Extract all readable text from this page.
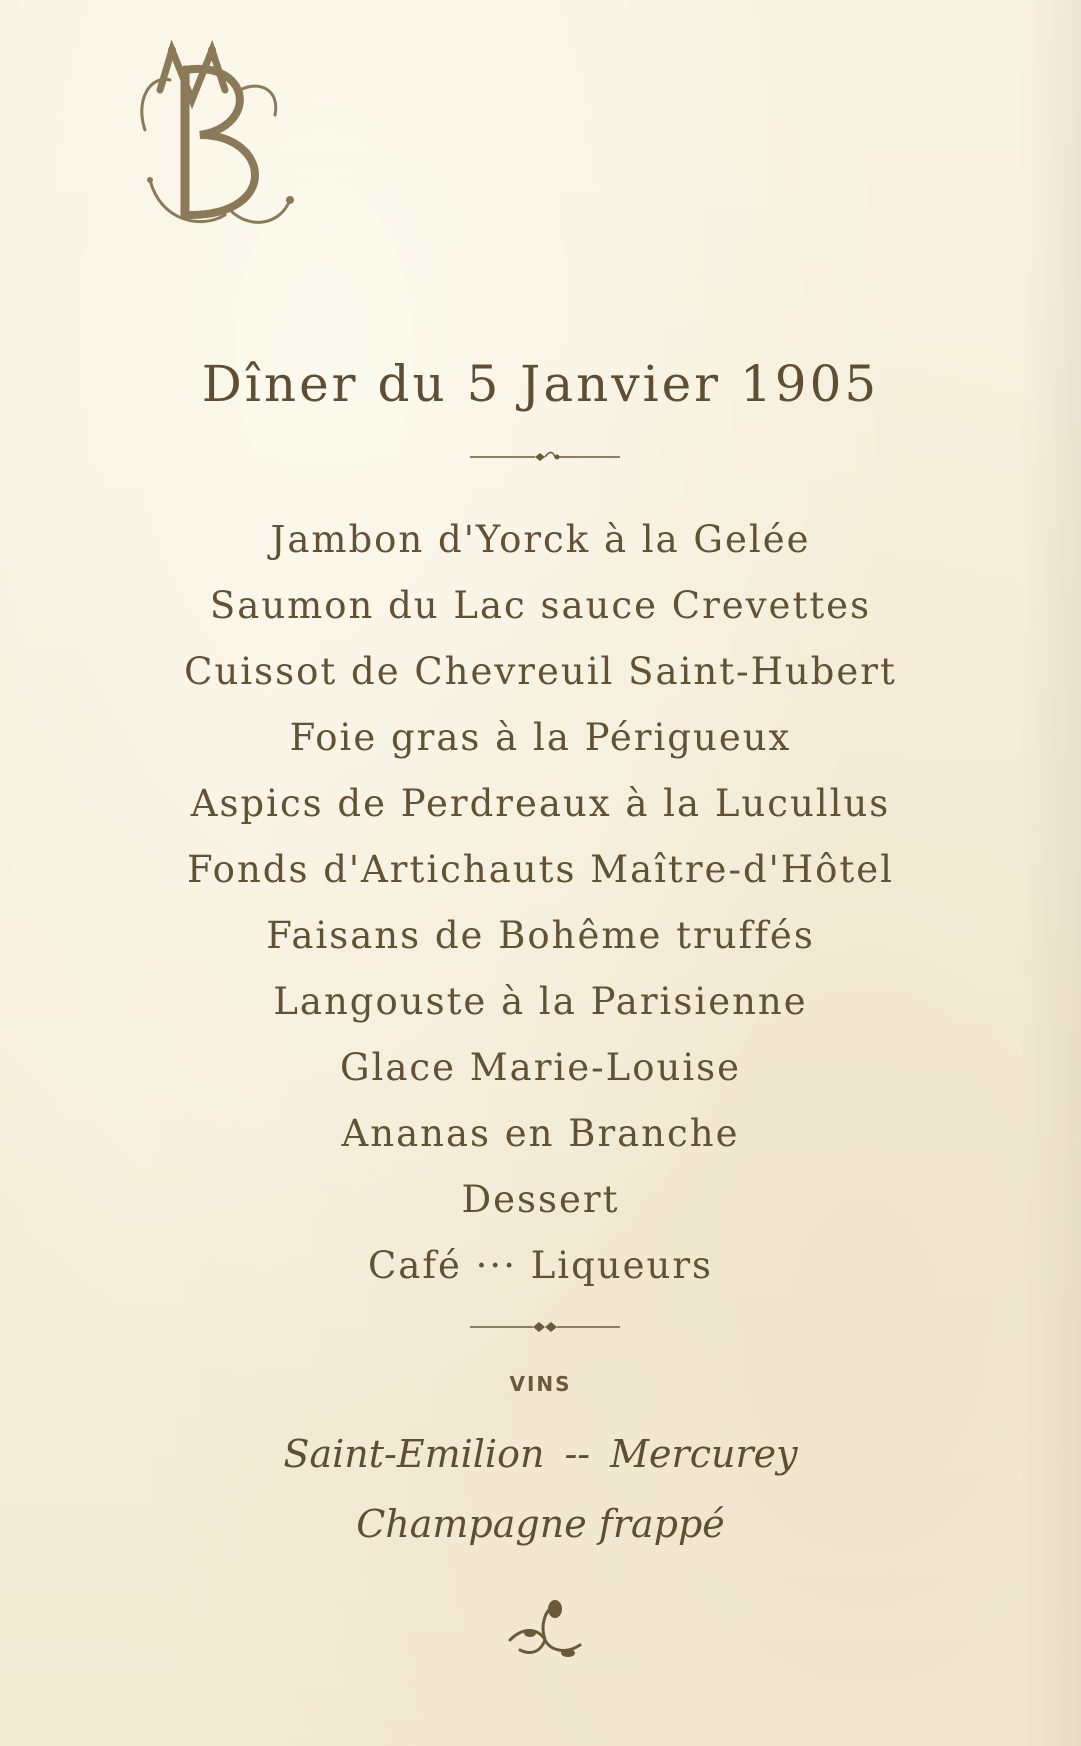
Dîner du 5 Janvier 1905
Jambon d'Yorck à la Gelée
Saumon du Lac sauce Crevettes
Cuissot de Chevreuil Saint-Hubert
Foie gras à la Périgueux
Aspics de Perdreaux à la Lucullus
Fonds d'Artichauts Maître-d'Hôtel
Faisans de Bohême truffés
Langouste à la Parisienne
Glace Marie-Louise
Ananas en Branche
Dessert
Café ··· Liqueurs
VINS
Saint-Emilion -- Mercurey
Champagne frappé
